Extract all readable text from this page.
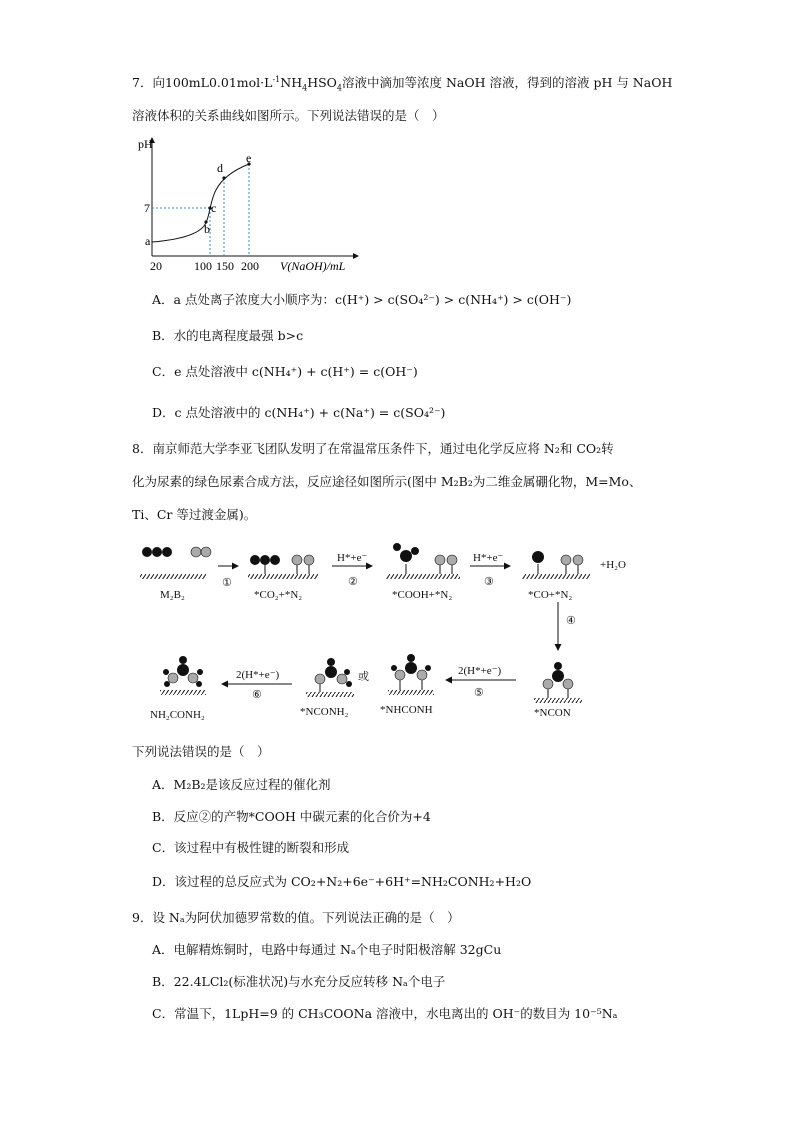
7．向$100mL0.01mol\cdot L^{-1}NH_4HSO_4$溶液中滴加等浓度 NaOH 溶液，得到的溶液 pH 与 NaOH
溶液体积的关系曲线如图所示。下列说法错误的是（　）
pH
7
V(NaOH)/mL
20	100 150 200
a
b
c
d
e
A．a 点处离子浓度大小顺序为：c(H⁺) > c(SO₄²⁻) > c(NH₄⁺) > c(OH⁻)
B．水的电离程度最强 b>c
C．e 点处溶液中 c(NH₄⁺) + c(H⁺) = c(OH⁻)
D．c 点处溶液中的 c(NH₄⁺) + c(Na⁺) = c(SO₄²⁻)
8．南京师范大学李亚飞团队发明了在常温常压条件下，通过电化学反应将 N₂和 CO₂转
化为尿素的绿色尿素合成方法，反应途径如图所示(图中 M₂B₂为二维金属硼化物，M=Mo、
Ti、Cr 等过渡金属)。
M₂B₂
①
*CO₂+*N₂
H*+e⁻
②
*COOH+*N₂
H*+e⁻
③
*CO+*N₂
+H₂O
④
*NCON
2(H*+e⁻)
⑤
*NHCONH
或
*NCONH₂
2(H*+e⁻)
⑥
NH₂CONH₂
下列说法错误的是（　）
A．M₂B₂是该反应过程的催化剂
B．反应②的产物*COOH 中碳元素的化合价为+4
C．该过程中有极性键的断裂和形成
D．该过程的总反应式为 CO₂+N₂+6e⁻+6H⁺=NH₂CONH₂+H₂O
9．设 Nₐ为阿伏加德罗常数的值。下列说法正确的是（　）
A．电解精炼铜时，电路中每通过 Nₐ个电子时阳极溶解 32gCu
B．22.4LCl₂(标准状况)与水充分反应转移 Nₐ个电子
C．常温下，1LpH=9 的 CH₃COONa 溶液中，水电离出的 OH⁻的数目为 10⁻⁵Nₐ
